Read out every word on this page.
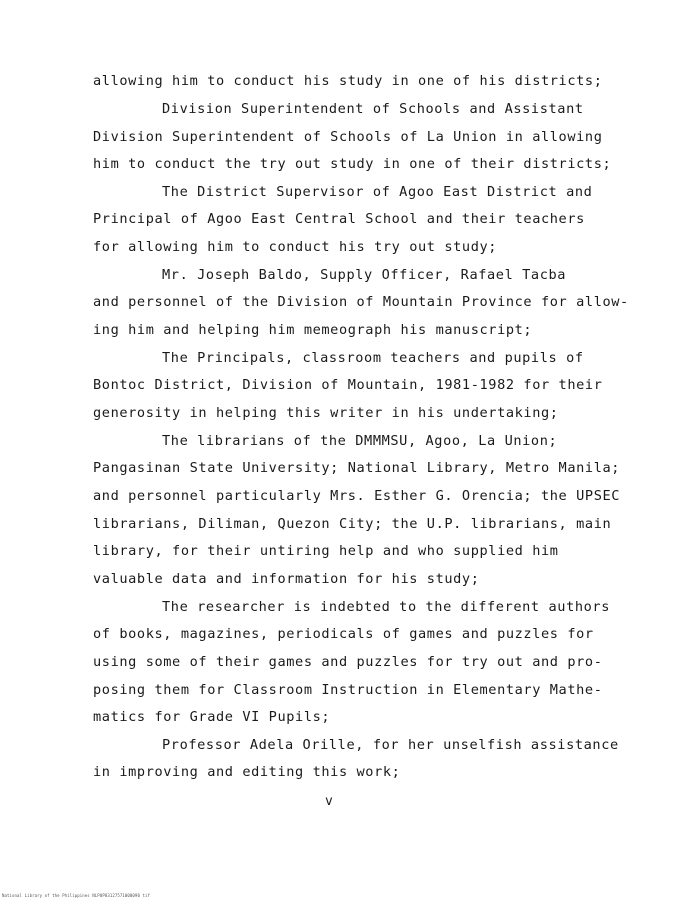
allowing him to conduct his study in one of his districts;
Division Superintendent of Schools and Assistant
Division Superintendent of Schools of La Union in allowing
him to conduct the try out study in one of their districts;
The District Supervisor of Agoo East District and
Principal of Agoo East Central School and their teachers
for allowing him to conduct his try out study;
Mr. Joseph Baldo, Supply Officer, Rafael Tacba
and personnel of the Division of Mountain Province for allow-
ing him and helping him memeograph his manuscript;
The Principals, classroom teachers and pupils of
Bontoc District, Division of Mountain, 1981-1982 for their
generosity in helping this writer in his undertaking;
The librarians of the DMMMSU, Agoo, La Union;
Pangasinan State University; National Library, Metro Manila;
and personnel particularly Mrs. Esther G. Orencia; the UPSEC
librarians, Diliman, Quezon City; the U.P. librarians, main
library, for their untiring help and who supplied him
valuable data and information for his study;
The researcher is indebted to the different authors
of books, magazines, periodicals of games and puzzles for
using some of their games and puzzles for try out and pro-
posing them for Classroom Instruction in Elementary Mathe-
matics for Grade VI Pupils;
Professor Adela Orille, for her unselfish assistance
in improving and editing this work;
v
National Library of the Philippines NLP0P83127571000090 tif
